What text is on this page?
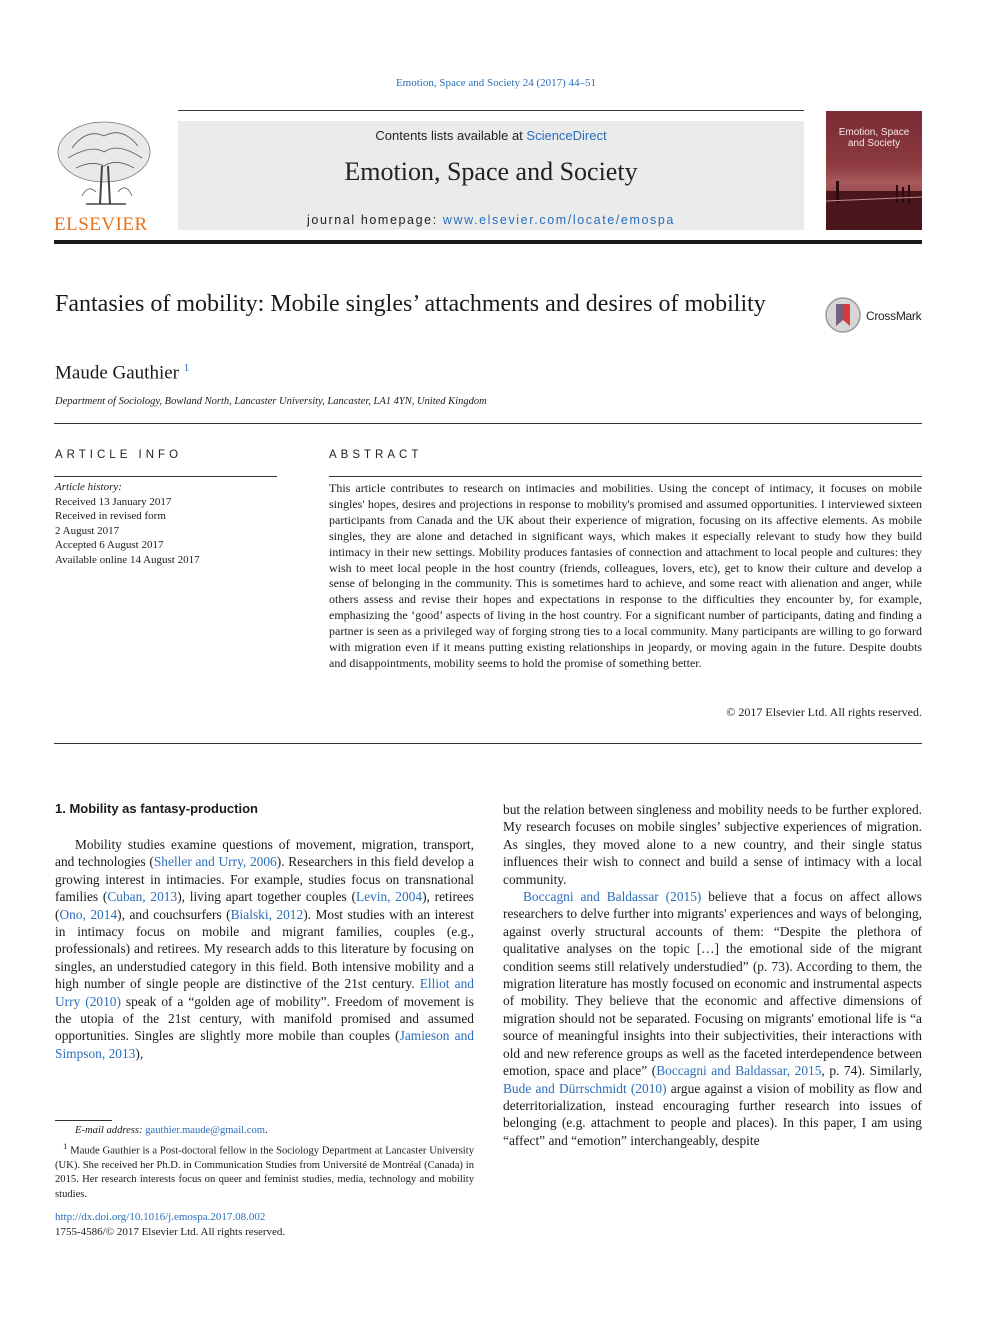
Emotion, Space and Society 24 (2017) 44–51
ELSEVIER
Contents lists available at ScienceDirect
Emotion, Space and Society
journal homepage: www.elsevier.com/locate/emospa
Emotion, Space
and Society
Fantasies of mobility: Mobile singles’ attachments and desires of mobility	CrossMark
Maude Gauthier $^1$
Department of Sociology, Bowland North, Lancaster University, Lancaster, LA1 4YN, United Kingdom
ARTICLE INFO
Article history:
Received 13 January 2017
Received in revised form
2 August 2017
Accepted 6 August 2017
Available online 14 August 2017
ABSTRACT
This article contributes to research on intimacies and mobilities. Using the concept of intimacy, it focuses on mobile singles' hopes, desires and projections in response to mobility's promised and assumed opportunities. I interviewed sixteen participants from Canada and the UK about their experience of migration, focusing on its affective elements. As mobile singles, they are alone and detached in significant ways, which makes it especially relevant to study how they build intimacy in their new settings. Mobility produces fantasies of connection and attachment to local people and cultures: they wish to meet local people in the host country (friends, colleagues, lovers, etc), get to know their culture and develop a sense of belonging in the community. This is sometimes hard to achieve, and some react with alienation and anger, while others assess and revise their hopes and expectations in response to the difficulties they encounter by, for example, emphasizing the ‘good’ aspects of living in the host country. For a significant number of participants, dating and finding a partner is seen as a privileged way of forging strong ties to a local community. Many participants are willing to go forward with migration even if it means putting existing relationships in jeopardy, or moving again in the future. Despite doubts and disappointments, mobility seems to hold the promise of something better.
© 2017 Elsevier Ltd. All rights reserved.
1. Mobility as fantasy-production

Mobility studies examine questions of movement, migration, transport, and technologies (Sheller and Urry, 2006). Researchers in this field develop a growing interest in intimacies. For example, studies focus on transnational families (Cuban, 2013), living apart together couples (Levin, 2004), retirees (Ono, 2014), and couchsurfers (Bialski, 2012). Most studies with an interest in intimacy focus on mobile and migrant families, couples (e.g., professionals) and retirees. My research adds to this literature by focusing on singles, an understudied category in this field. Both intensive mobility and a high number of single people are distinctive of the 21st century. Elliot and Urry (2010) speak of a “golden age of mobility”. Freedom of movement is the utopia of the 21st century, with manifold promised and assumed opportunities. Singles are slightly more mobile than couples (Jamieson and Simpson, 2013),

but the relation between singleness and mobility needs to be further explored. My research focuses on mobile singles’ subjective experiences of migration. As singles, they moved alone to a new country, and their single status influences their wish to connect and build a sense of intimacy with a local community.

Boccagni and Baldassar (2015) believe that a focus on affect allows researchers to delve further into migrants' experiences and ways of belonging, against overly structural accounts of them: “Despite the plethora of qualitative analyses on the topic […] the emotional side of the migrant condition seems still relatively understudied” (p. 73). According to them, the migration literature has mostly focused on economic and instrumental aspects of mobility. They believe that the economic and affective dimensions of migration should not be separated. Focusing on migrants' emotional life is “a source of meaningful insights into their subjectivities, their interactions with old and new reference groups as well as the faceted interdependence between emotion, space and place” (Boccagni and Baldassar, 2015, p. 74). Similarly, Bude and Dürrschmidt (2010) argue against a vision of mobility as flow and deterritorialization, instead encouraging further research into issues of belonging (e.g. attachment to people and places). In this paper, I am using “affect” and “emotion” interchangeably, despite

E-mail address: gauthier.maude@gmail.com.
$^1$ Maude Gauthier is a Post-doctoral fellow in the Sociology Department at Lancaster University (UK). She received her Ph.D. in Communication Studies from Université de Montréal (Canada) in 2015. Her research interests focus on queer and feminist studies, media, technology and mobility studies.
http://dx.doi.org/10.1016/j.emospa.2017.08.002
1755-4586/© 2017 Elsevier Ltd. All rights reserved.
